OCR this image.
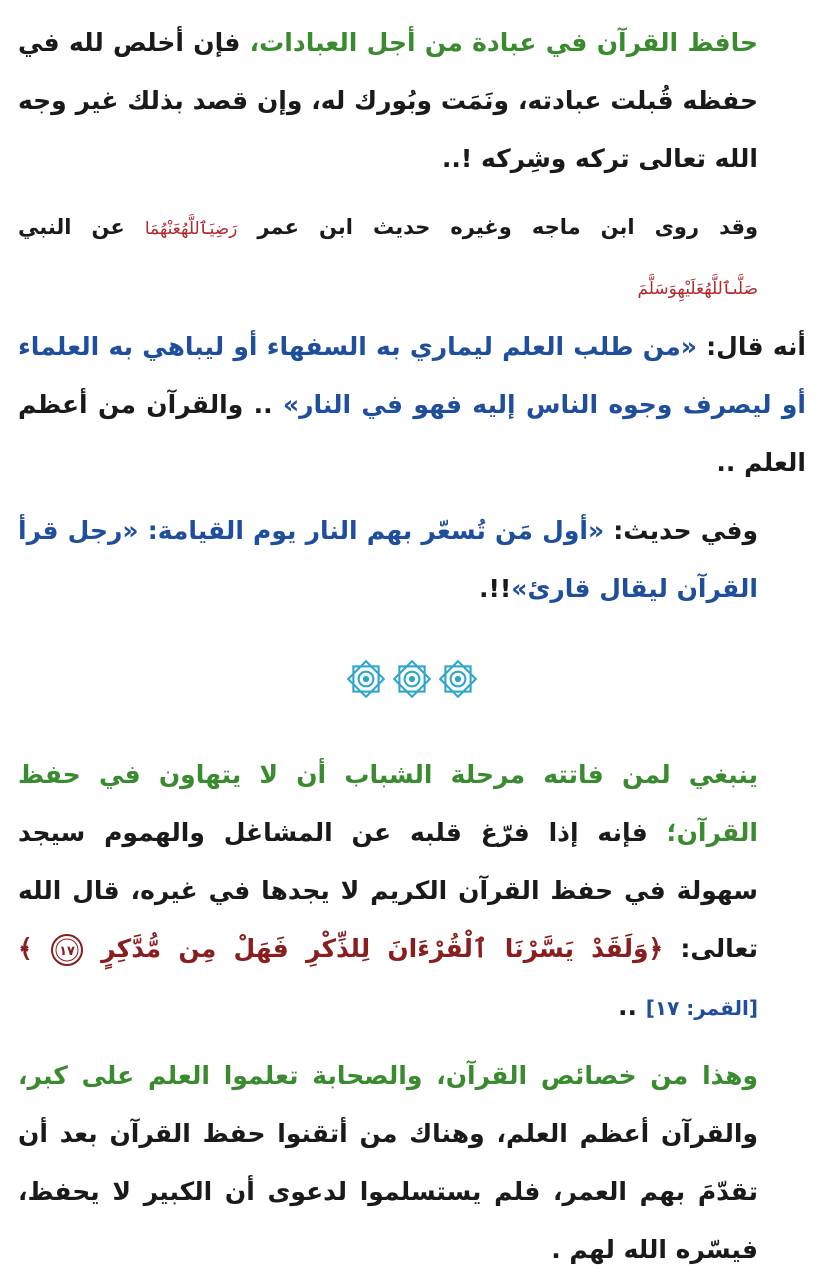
حافظ القرآن في عبادة من أجل العبادات، فإن أخلص لله في حفظه قُبلت عبادته، ونَمَت وبُورك له، وإن قصد بذلك غير وجه الله تعالى تركه وشِركه !..

وقد روى ابن ماجه وغيره حديث ابن عمر رَضِيَٱللَّهُعَنْهُمَا عن النبي صَلَّىٱللَّهُعَلَيْهِوَسَلَّمَ

أنه قال: «من طلب العلم ليماري به السفهاء أو ليباهي به العلماء أو ليصرف وجوه الناس إليه فهو في النار» .. والقرآن من أعظم العلم ..

وفي حديث: «أول مَن تُسعّر بهم النار يوم القيامة: «رجل قرأ القرآن ليقال قارئ»!!.

ينبغي لمن فاتته مرحلة الشباب أن لا يتهاون في حفظ القرآن؛ فإنه إذا فرّغ قلبه عن المشاغل والهموم سيجد سهولة في حفظ القرآن الكريم لا يجدها في غيره، قال الله تعالى: ﴿وَلَقَدْ يَسَّرْنَا ٱلْقُرْءَانَ لِلذِّكْرِ فَهَلْ مِن مُّدَّكِرٍ
١٧
﴾ [القمر: ١٧] ..

وهذا من خصائص القرآن، والصحابة تعلموا العلم على كبر، والقرآن أعظم العلم، وهناك من أتقنوا حفظ القرآن بعد أن تقدّمَ بهم العمر، فلم يستسلموا لدعوى أن الكبير لا يحفظ، فيسّره الله لهم .
